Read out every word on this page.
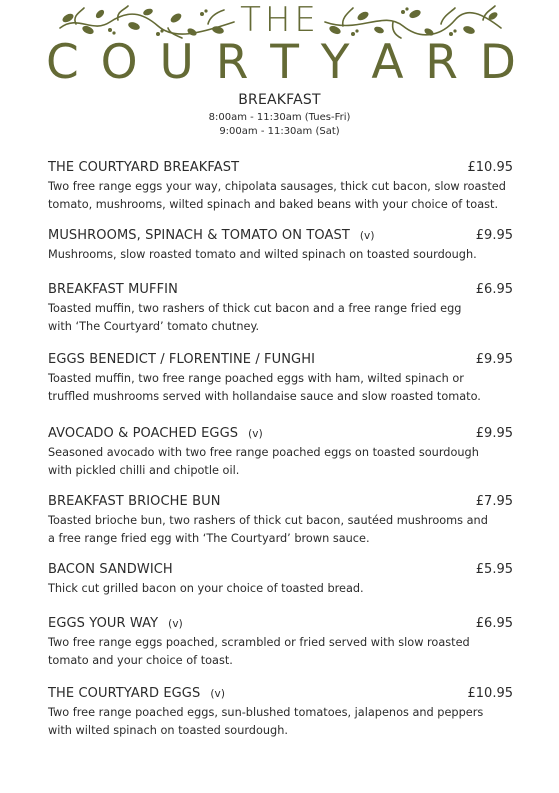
THE
C O U R T Y A R D
BREAKFAST
8:00am - 11:30am (Tues-Fri)
9:00am - 11:30am (Sat)
THE COURTYARD BREAKFAST	£10.95
Two free range eggs your way, chipolata sausages, thick cut bacon, slow roasted tomato, mushrooms, wilted spinach and baked beans with your choice of toast.
MUSHROOMS, SPINACH & TOMATO ON TOAST (v)	£9.95
Mushrooms, slow roasted tomato and wilted spinach on toasted sourdough.
BREAKFAST MUFFIN	£6.95
Toasted muffin, two rashers of thick cut bacon and a free range fried egg with ‘The Courtyard’ tomato chutney.
EGGS BENEDICT / FLORENTINE / FUNGHI	£9.95
Toasted muffin, two free range poached eggs with ham, wilted spinach or truffled mushrooms served with hollandaise sauce and slow roasted tomato.
AVOCADO & POACHED EGGS (v)	£9.95
Seasoned avocado with two free range poached eggs on toasted sourdough with pickled chilli and chipotle oil.
BREAKFAST BRIOCHE BUN	£7.95
Toasted brioche bun, two rashers of thick cut bacon, sautéed mushrooms and a free range fried egg with ‘The Courtyard’ brown sauce.
BACON SANDWICH	£5.95
Thick cut grilled bacon on your choice of toasted bread.
EGGS YOUR WAY (v)	£6.95
Two free range eggs poached, scrambled or fried served with slow roasted tomato and your choice of toast.
THE COURTYARD EGGS (v)	£10.95
Two free range poached eggs, sun-blushed tomatoes, jalapenos and peppers with wilted spinach on toasted sourdough.
